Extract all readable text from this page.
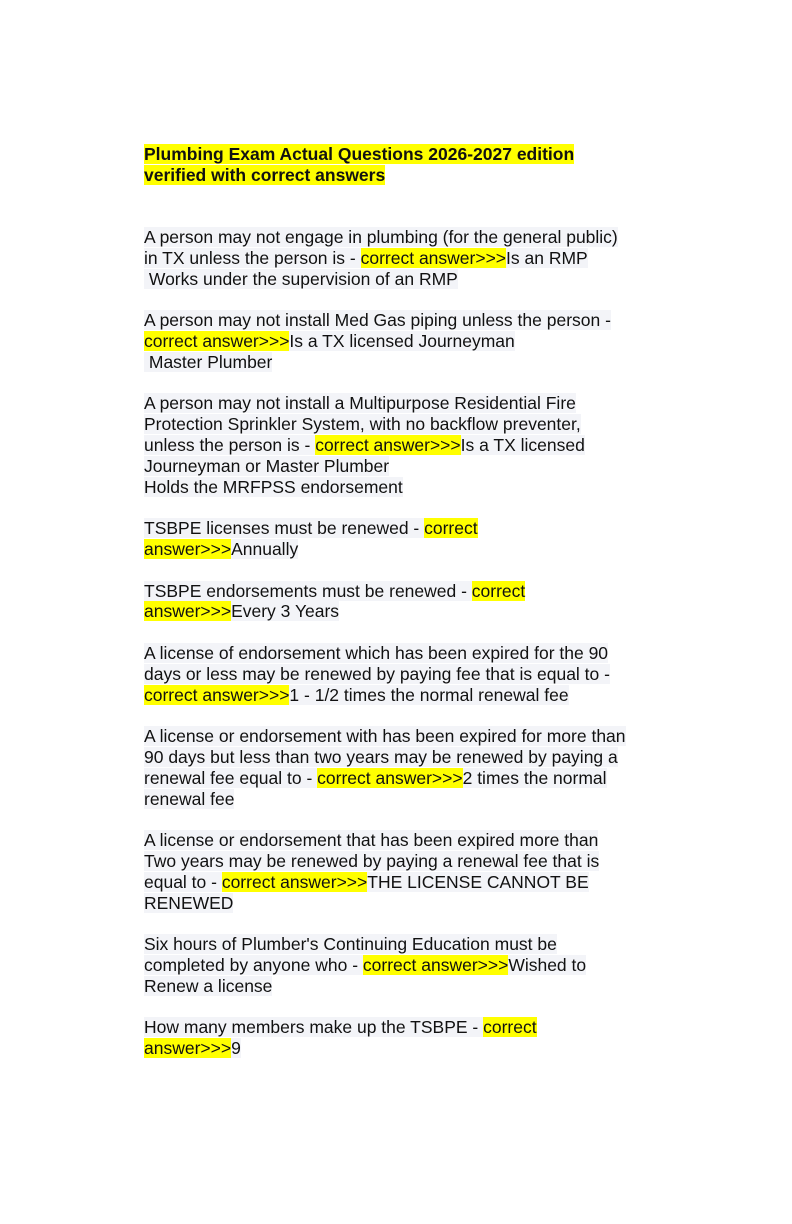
Plumbing Exam Actual Questions 2026-2027 edition
verified with correct answers
A person may not engage in plumbing (for the general public)
in TX unless the person is - correct answer>>>Is an RMP
Works under the supervision of an RMP
A person may not install Med Gas piping unless the person -
correct answer>>>Is a TX licensed Journeyman
Master Plumber
A person may not install a Multipurpose Residential Fire
Protection Sprinkler System, with no backflow preventer,
unless the person is - correct answer>>>Is a TX licensed
Journeyman or Master Plumber
Holds the MRFPSS endorsement
TSBPE licenses must be renewed - correct
answer>>>Annually
TSBPE endorsements must be renewed - correct
answer>>>Every 3 Years
A license of endorsement which has been expired for the 90
days or less may be renewed by paying fee that is equal to -
correct answer>>>1 - 1/2 times the normal renewal fee
A license or endorsement with has been expired for more than
90 days but less than two years may be renewed by paying a
renewal fee equal to - correct answer>>>2 times the normal
renewal fee
A license or endorsement that has been expired more than
Two years may be renewed by paying a renewal fee that is
equal to - correct answer>>>THE LICENSE CANNOT BE
RENEWED
Six hours of Plumber's Continuing Education must be
completed by anyone who - correct answer>>>Wished to
Renew a license
How many members make up the TSBPE - correct
answer>>>9
